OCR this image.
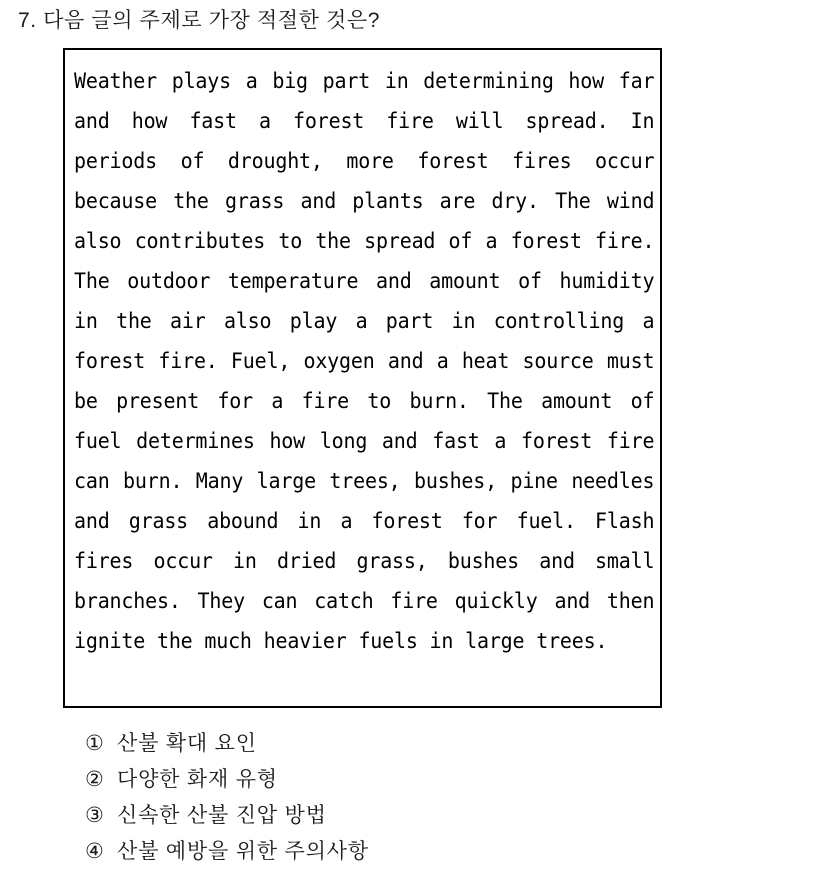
7. 다음 글의 주제로 가장 적절한 것은?
Weather plays a big part in determining how far and how fast a forest fire will spread. In periods of drought, more forest fires occur because the grass and plants are dry. The wind also contributes to the spread of a forest fire. The outdoor temperature and amount of humidity in the air also play a part in controlling a forest fire. Fuel, oxygen and a heat source must be present for a fire to burn. The amount of fuel determines how long and fast a forest fire can burn. Many large trees, bushes, pine needles and grass abound in a forest for fuel. Flash fires occur in dried grass, bushes and small branches. They can catch fire quickly and then ignite the much heavier fuels in large trees.
① 산불 확대 요인
② 다양한 화재 유형
③ 신속한 산불 진압 방법
④ 산불 예방을 위한 주의사항
